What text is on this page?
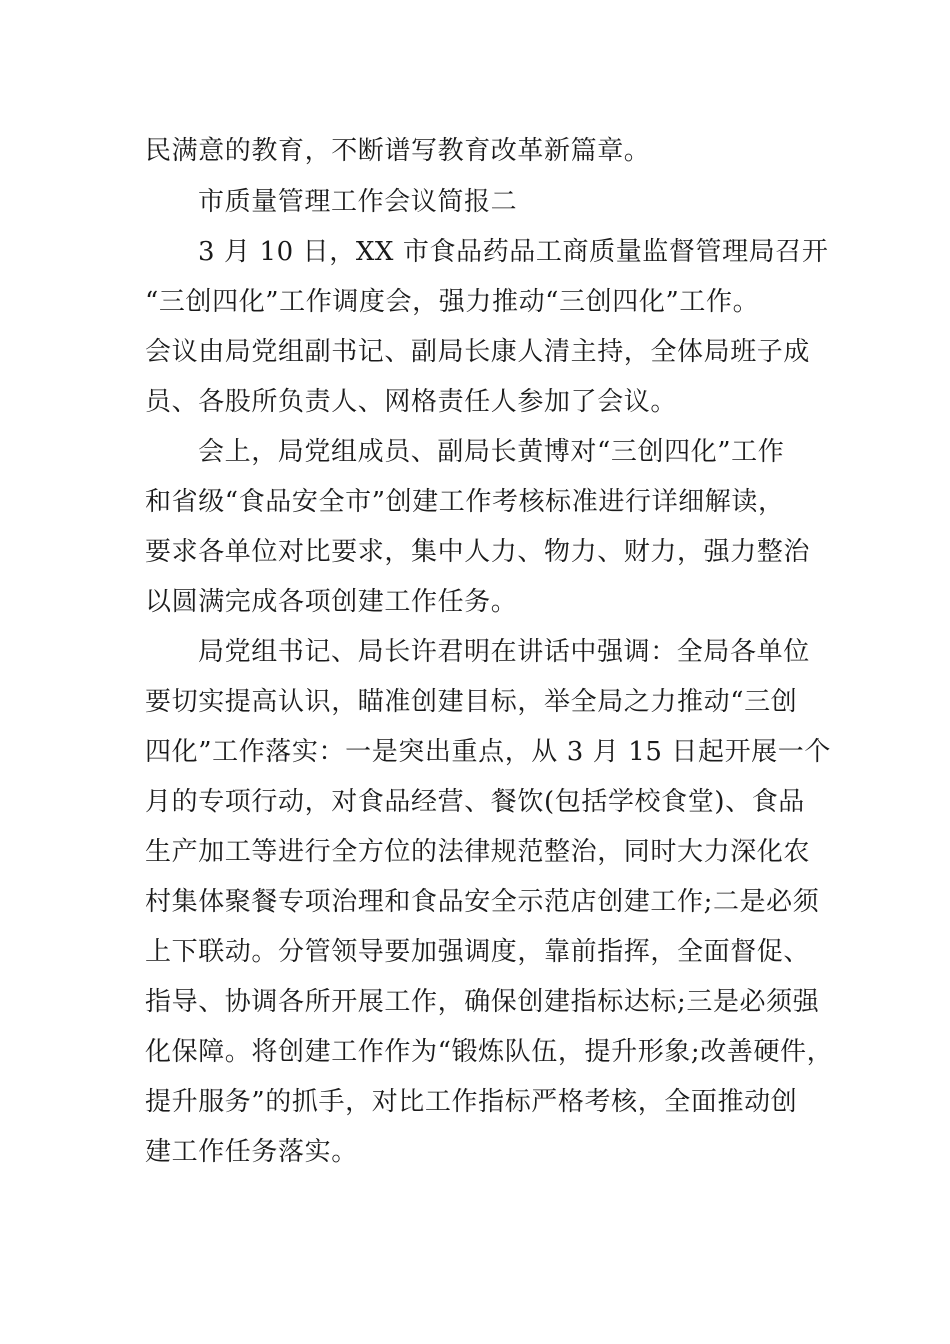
民满意的教育，不断谱写教育改革新篇章。
市质量管理工作会议简报二
3 月 10 日，XX 市食品药品工商质量监督管理局召开
“三创四化”工作调度会，强力推动“三创四化”工作。
会议由局党组副书记、副局长康人清主持，全体局班子成
员、各股所负责人、网格责任人参加了会议。
会上，局党组成员、副局长黄博对“三创四化”工作
和省级“食品安全市”创建工作考核标准进行详细解读，
要求各单位对比要求，集中人力、物力、财力，强力整治
以圆满完成各项创建工作任务。
局党组书记、局长许君明在讲话中强调：全局各单位
要切实提高认识，瞄准创建目标，举全局之力推动“三创
四化”工作落实：一是突出重点，从 3 月 15 日起开展一个
月的专项行动，对食品经营、餐饮(包括学校食堂)、食品
生产加工等进行全方位的法律规范整治，同时大力深化农
村集体聚餐专项治理和食品安全示范店创建工作;二是必须
上下联动。分管领导要加强调度，靠前指挥，全面督促、
指导、协调各所开展工作，确保创建指标达标;三是必须强
化保障。将创建工作作为“锻炼队伍，提升形象;改善硬件，
提升服务”的抓手，对比工作指标严格考核，全面推动创
建工作任务落实。
